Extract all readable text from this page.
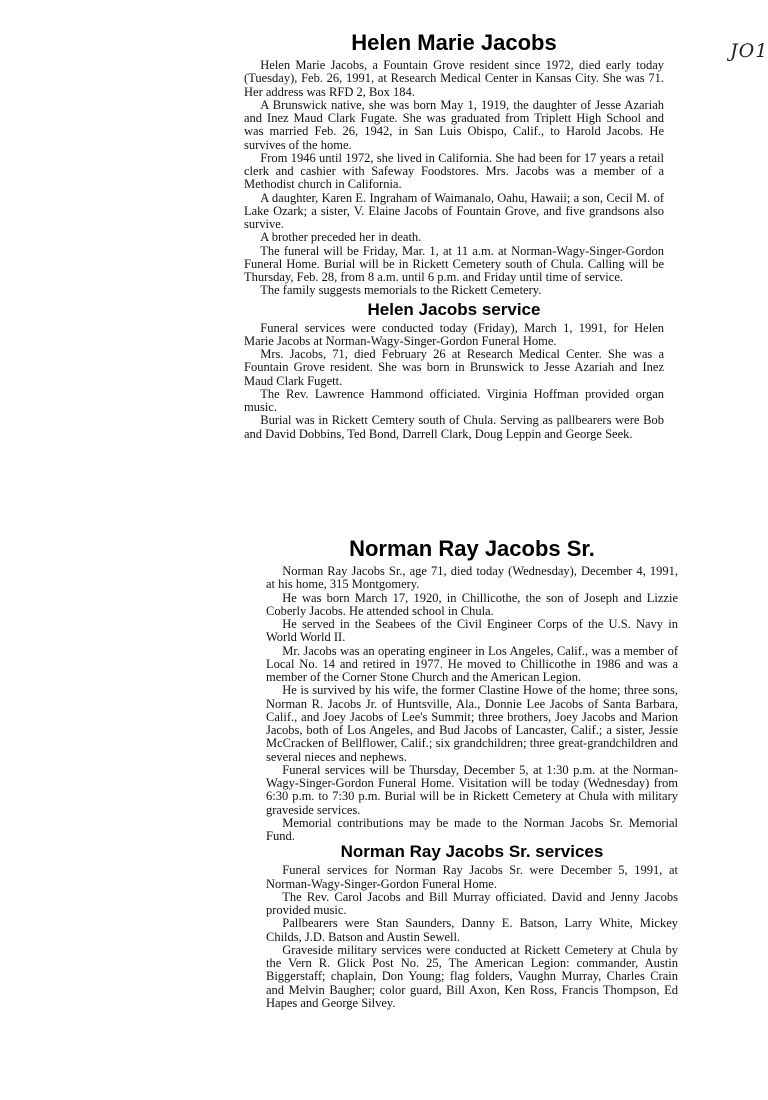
JO1
Helen Marie Jacobs

Helen Marie Jacobs, a Fountain Grove resident since 1972, died early today (Tuesday), Feb. 26, 1991, at Research Medical Center in Kansas City. She was 71. Her address was RFD 2, Box 184.

A Brunswick native, she was born May 1, 1919, the daughter of Jesse Azariah and Inez Maud Clark Fugate. She was graduated from Triplett High School and was married Feb. 26, 1942, in San Luis Obispo, Calif., to Harold Jacobs. He survives of the home.

From 1946 until 1972, she lived in California. She had been for 17 years a retail clerk and cashier with Safeway Foodstores. Mrs. Jacobs was a member of a Methodist church in California.

A daughter, Karen E. Ingraham of Waimanalo, Oahu, Hawaii; a son, Cecil M. of Lake Ozark; a sister, V. Elaine Jacobs of Fountain Grove, and five grandsons also survive.

A brother preceded her in death.

The funeral will be Friday, Mar. 1, at 11 a.m. at Norman-Wagy-Singer-Gordon Funeral Home. Burial will be in Rickett Cemetery south of Chula. Calling will be Thursday, Feb. 28, from 8 a.m. until 6 p.m. and Friday until time of service.

The family suggests memorials to the Rickett Cemetery.

Helen Jacobs service

Funeral services were conducted today (Friday), March 1, 1991, for Helen Marie Jacobs at Norman-Wagy-Singer-Gordon Funeral Home.

Mrs. Jacobs, 71, died February 26 at Research Medical Center. She was a Fountain Grove resident. She was born in Brunswick to Jesse Azariah and Inez Maud Clark Fugett.

The Rev. Lawrence Hammond officiated. Virginia Hoffman provided organ music.

Burial was in Rickett Cemtery south of Chula. Serving as pallbearers were Bob and David Dobbins, Ted Bond, Darrell Clark, Doug Leppin and George Seek.

Norman Ray Jacobs Sr.

Norman Ray Jacobs Sr., age 71, died today (Wednesday), December 4, 1991, at his home, 315 Montgomery.

He was born March 17, 1920, in Chillicothe, the son of Joseph and Lizzie Coberly Jacobs. He attended school in Chula.

He served in the Seabees of the Civil Engineer Corps of the U.S. Navy in World World II.

Mr. Jacobs was an operating engineer in Los Angeles, Calif., was a member of Local No. 14 and retired in 1977. He moved to Chillicothe in 1986 and was a member of the Corner Stone Church and the American Legion.

He is survived by his wife, the former Clastine Howe of the home; three sons, Norman R. Jacobs Jr. of Huntsville, Ala., Donnie Lee Jacobs of Santa Barbara, Calif., and Joey Jacobs of Lee's Summit; three brothers, Joey Jacobs and Marion Jacobs, both of Los Angeles, and Bud Jacobs of Lancaster, Calif.; a sister, Jessie McCracken of Bellflower, Calif.; six grandchildren; three great-grandchildren and several nieces and nephews.

Funeral services will be Thursday, December 5, at 1:30 p.m. at the Norman-Wagy-Singer-Gordon Funeral Home. Visitation will be today (Wednesday) from 6:30 p.m. to 7:30 p.m. Burial will be in Rickett Cemetery at Chula with military graveside services.

Memorial contributions may be made to the Norman Jacobs Sr. Memorial Fund.

Norman Ray Jacobs Sr. services

Funeral services for Norman Ray Jacobs Sr. were December 5, 1991, at Norman-Wagy-Singer-Gordon Funeral Home.

The Rev. Carol Jacobs and Bill Murray officiated. David and Jenny Jacobs provided music.

Pallbearers were Stan Saunders, Danny E. Batson, Larry White, Mickey Childs, J.D. Batson and Austin Sewell.

Graveside military services were conducted at Rickett Cemetery at Chula by the Vern R. Glick Post No. 25, The American Legion: commander, Austin Biggerstaff; chaplain, Don Young; flag folders, Vaughn Murray, Charles Crain and Melvin Baugher; color guard, Bill Axon, Ken Ross, Francis Thompson, Ed Hapes and George Silvey.
